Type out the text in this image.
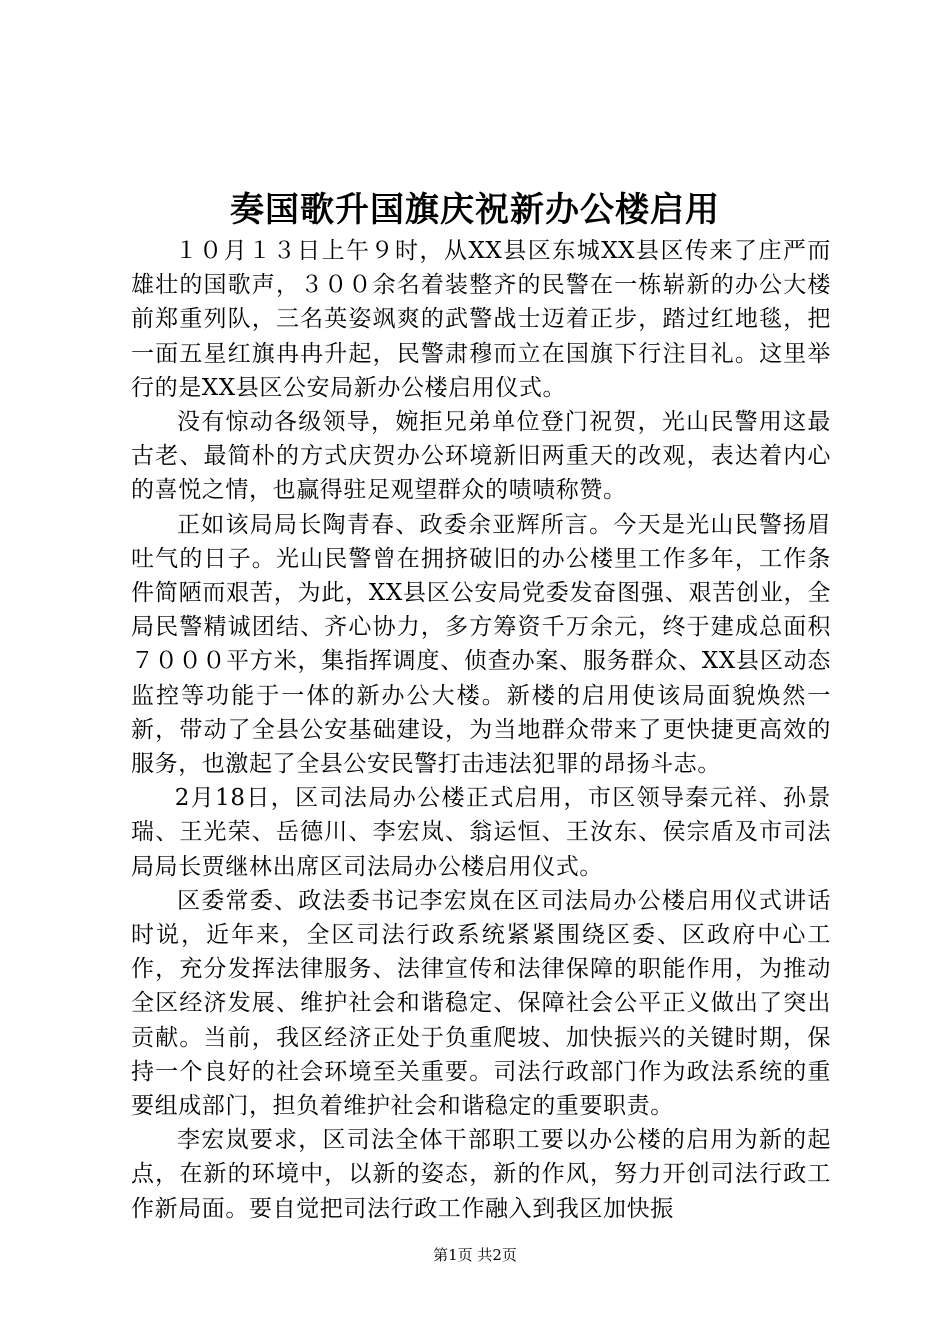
奏国歌升国旗庆祝新办公楼启用

１０月１３日上午９时，从XX县区东城XX县区传来了庄严而雄壮的国歌声，３００余名着装整齐的民警在一栋崭新的办公大楼前郑重列队，三名英姿飒爽的武警战士迈着正步，踏过红地毯，把一面五星红旗冉冉升起，民警肃穆而立在国旗下行注目礼。这里举行的是XX县区公安局新办公楼启用仪式。

没有惊动各级领导，婉拒兄弟单位登门祝贺，光山民警用这最古老、最简朴的方式庆贺办公环境新旧两重天的改观，表达着内心的喜悦之情，也赢得驻足观望群众的啧啧称赞。

正如该局局长陶青春、政委余亚辉所言。今天是光山民警扬眉吐气的日子。光山民警曾在拥挤破旧的办公楼里工作多年，工作条件简陋而艰苦，为此，XX县区公安局党委发奋图强、艰苦创业，全局民警精诚团结、齐心协力，多方筹资千万余元，终于建成总面积７０００平方米，集指挥调度、侦查办案、服务群众、XX县区动态监控等功能于一体的新办公大楼。新楼的启用使该局面貌焕然一新，带动了全县公安基础建设，为当地群众带来了更快捷更高效的服务，也激起了全县公安民警打击违法犯罪的昂扬斗志。

2月18日，区司法局办公楼正式启用，市区领导秦元祥、孙景瑞、王光荣、岳德川、李宏岚、翁运恒、王汝东、侯宗盾及市司法局局长贾继林出席区司法局办公楼启用仪式。

区委常委、政法委书记李宏岚在区司法局办公楼启用仪式讲话时说，近年来，全区司法行政系统紧紧围绕区委、区政府中心工作，充分发挥法律服务、法律宣传和法律保障的职能作用，为推动全区经济发展、维护社会和谐稳定、保障社会公平正义做出了突出贡献。当前，我区经济正处于负重爬坡、加快振兴的关键时期，保持一个良好的社会环境至关重要。司法行政部门作为政法系统的重要组成部门，担负着维护社会和谐稳定的重要职责。

李宏岚要求，区司法全体干部职工要以办公楼的启用为新的起点，在新的环境中，以新的姿态，新的作风，努力开创司法行政工作新局面。要自觉把司法行政工作融入到我区加快振

第1页 共2页
